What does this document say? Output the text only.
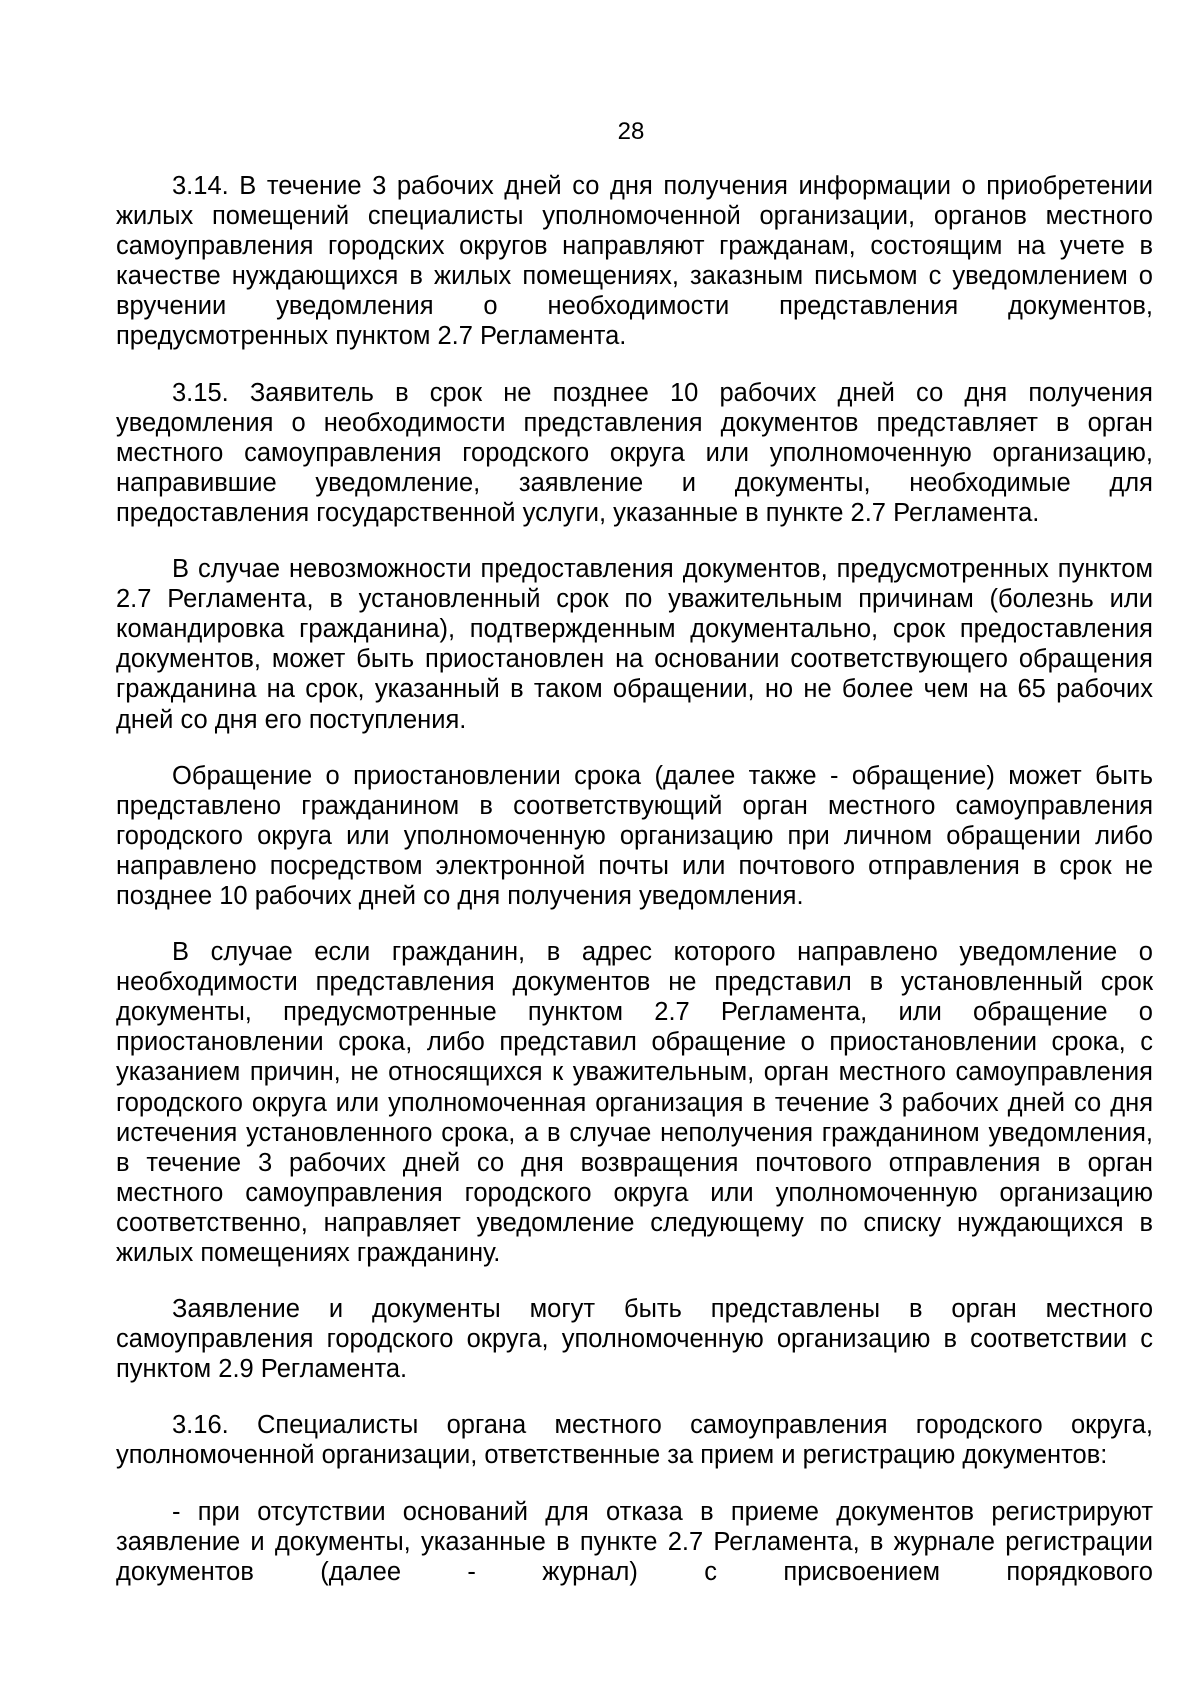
28

3.14. В течение 3 рабочих дней со дня получения информации о приобретении жилых помещений специалисты уполномоченной организации, органов местного самоуправления городских округов направляют гражданам, состоящим на учете в качестве нуждающихся в жилых помещениях, заказным письмом с уведомлением о вручении уведомления о необходимости представления документов, предусмотренных пунктом 2.7 Регламента.

3.15. Заявитель в срок не позднее 10 рабочих дней со дня получения уведомления о необходимости представления документов представляет в орган местного самоуправления городского округа или уполномоченную организацию, направившие уведомление, заявление и документы, необходимые для предоставления государственной услуги, указанные в пункте 2.7 Регламента.

В случае невозможности предоставления документов, предусмотренных пунктом 2.7 Регламента, в установленный срок по уважительным причинам (болезнь или командировка гражданина), подтвержденным документально, срок предоставления документов, может быть приостановлен на основании соответствующего обращения гражданина на срок, указанный в таком обращении, но не более чем на 65 рабочих дней со дня его поступления.

Обращение о приостановлении срока (далее также - обращение) может быть представлено гражданином в соответствующий орган местного самоуправления городского округа или уполномоченную организацию при личном обращении либо направлено посредством электронной почты или почтового отправления в срок не позднее 10 рабочих дней со дня получения уведомления.

В случае если гражданин, в адрес которого направлено уведомление о необходимости представления документов не представил в установленный срок документы, предусмотренные пунктом 2.7 Регламента, или обращение о приостановлении срока, либо представил обращение о приостановлении срока, с указанием причин, не относящихся к уважительным, орган местного самоуправления городского округа или уполномоченная организация в течение 3 рабочих дней со дня истечения установленного срока, а в случае неполучения гражданином уведомления, в течение 3 рабочих дней со дня возвращения почтового отправления в орган местного самоуправления городского округа или уполномоченную организацию соответственно, направляет уведомление следующему по списку нуждающихся в жилых помещениях гражданину.

Заявление и документы могут быть представлены в орган местного самоуправления городского округа, уполномоченную организацию в соответствии с пунктом 2.9 Регламента.

3.16. Специалисты органа местного самоуправления городского округа, уполномоченной организации, ответственные за прием и регистрацию документов:

- при отсутствии оснований для отказа в приеме документов регистрируют заявление и документы, указанные в пункте 2.7 Регламента, в журнале регистрации документов (далее - журнал) с присвоением порядкового
